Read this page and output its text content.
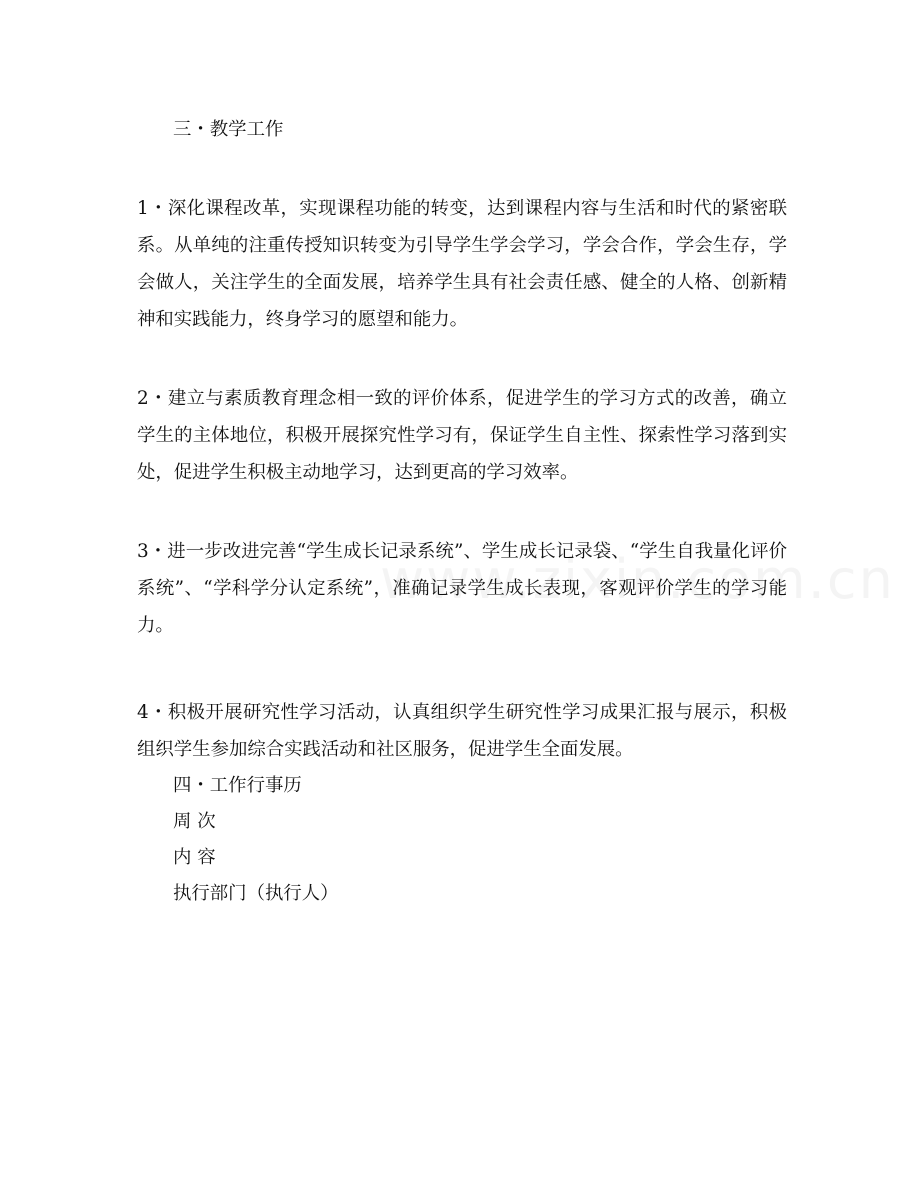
三・教学工作
1・深化课程改革，实现课程功能的转变，达到课程内容与生活和时代的紧密联系。从单纯的注重传授知识转变为引导学生学会学习，学会合作，学会生存，学会做人，关注学生的全面发展，培养学生具有社会责任感、健全的人格、创新精神和实践能力，终身学习的愿望和能力。
2・建立与素质教育理念相一致的评价体系，促进学生的学习方式的改善，确立学生的主体地位，积极开展探究性学习有，保证学生自主性、探索性学习落到实处，促进学生积极主动地学习，达到更高的学习效率。
3・进一步改进完善“学生成长记录系统”、学生成长记录袋、“学生自我量化评价系统”、“学科学分认定系统”，准确记录学生成长表现，客观评价学生的学习能力。
4・积极开展研究性学习活动，认真组织学生研究性学习成果汇报与展示，积极组织学生参加综合实践活动和社区服务，促进学生全面发展。
四・工作行事历
周 次
内 容
执行部门（执行人）
